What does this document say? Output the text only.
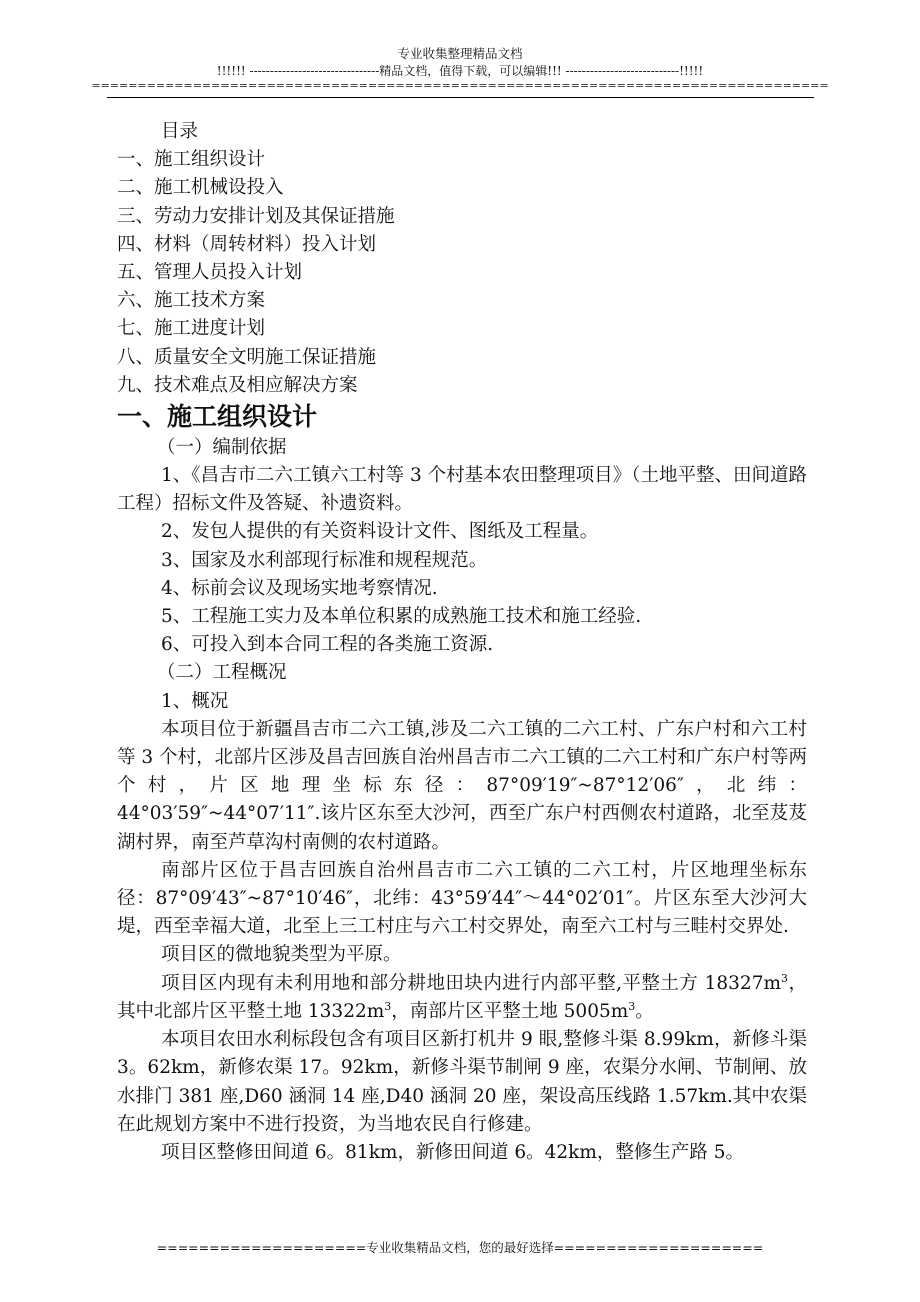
专业收集整理精品文档
!!!!!! --------------------------------精品文档，值得下载，可以编辑!!! ----------------------------!!!!!
================================================================================
目录
一、施工组织设计
二、施工机械设投入
三、劳动力安排计划及其保证措施
四、材料（周转材料）投入计划
五、管理人员投入计划
六、施工技术方案
七、施工进度计划
八、质量安全文明施工保证措施
九、技术难点及相应解决方案
一、施工组织设计
（一）编制依据
1、《昌吉市二六工镇六工村等 3 个村基本农田整理项目》（土地平整、田间道路工程）招标文件及答疑、补遗资料。
2、发包人提供的有关资料设计文件、图纸及工程量。
3、国家及水利部现行标准和规程规范。
4、标前会议及现场实地考察情况.
5、工程施工实力及本单位积累的成熟施工技术和施工经验.
6、可投入到本合同工程的各类施工资源.
（二）工程概况
1、概况
本项目位于新疆昌吉市二六工镇,涉及二六工镇的二六工村、广东户村和六工村等 3 个村，北部片区涉及昌吉回族自治州昌吉市二六工镇的二六工村和广东户村等两个村，片区地理坐标东径：87°09′19″~87°12′06″，北纬：44°03′59″~44°07′11″.该片区东至大沙河，西至广东户村西侧农村道路，北至芨芨湖村界，南至芦草沟村南侧的农村道路。
南部片区位于昌吉回族自治州昌吉市二六工镇的二六工村，片区地理坐标东径：87°09′43″~87°10′46″，北纬：43°59′44″～44°02′01″。片区东至大沙河大堤，西至幸福大道，北至上三工村庄与六工村交界处，南至六工村与三畦村交界处.
项目区的微地貌类型为平原。
项目区内现有未利用地和部分耕地田块内进行内部平整,平整土方 $18327m^3$，其中北部片区平整土地 $13322m^3$，南部片区平整土地 $5005m^3$。
本项目农田水利标段包含有项目区新打机井 9 眼,整修斗渠 8.99km，新修斗渠 3。62km，新修农渠 17。92km，新修斗渠节制闸 9 座，农渠分水闸、节制闸、放水排门 381 座,D60 涵洞 14 座,D40 涵洞 20 座，架设高压线路 1.57km.其中农渠在此规划方案中不进行投资，为当地农民自行修建。
项目区整修田间道 6。81km，新修田间道 6。42km，整修生产路 5。
====================专业收集精品文档，您的最好选择====================
